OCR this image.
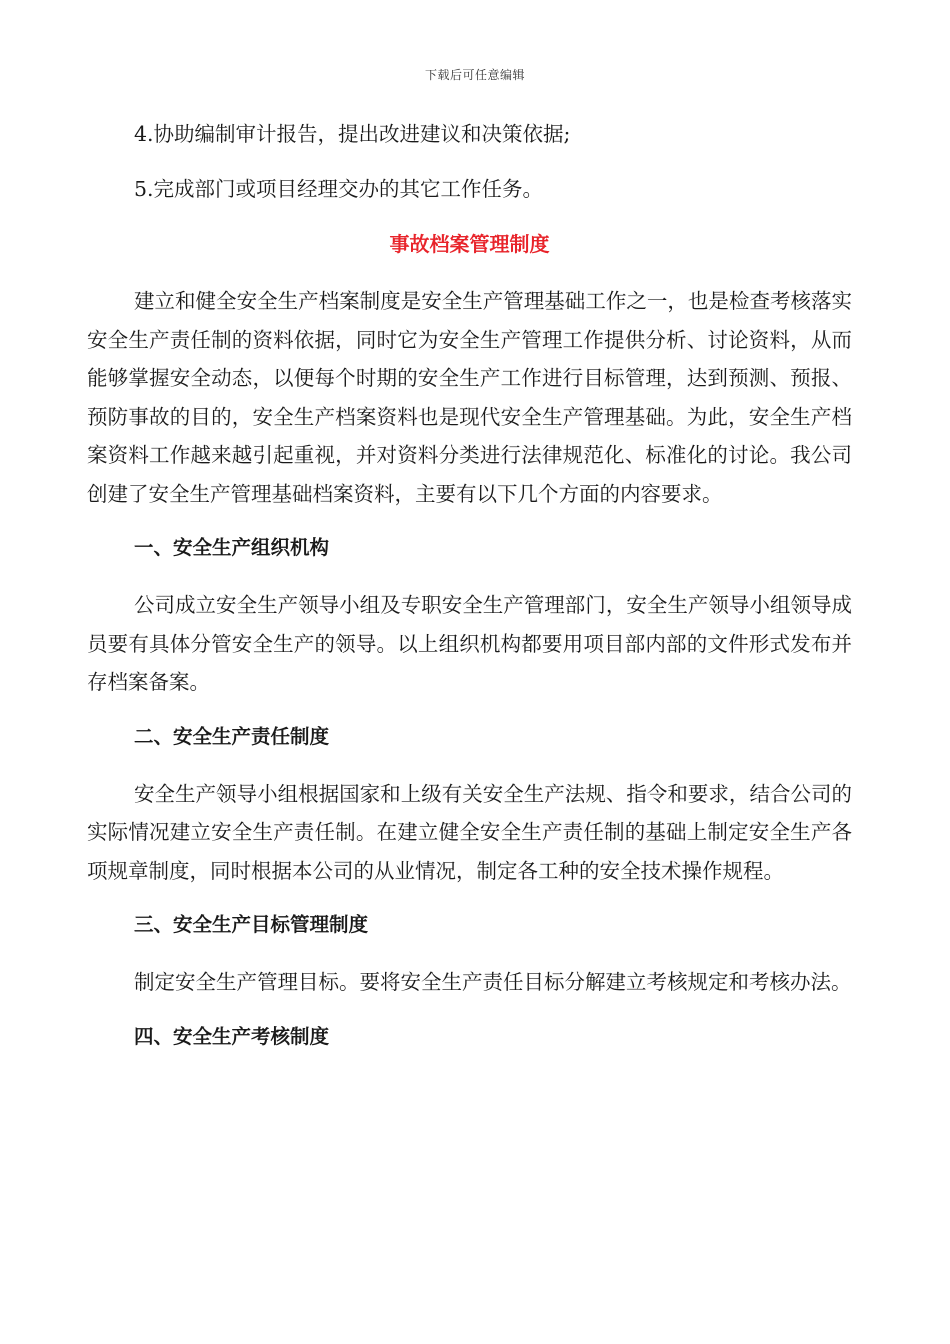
下载后可任意编辑

4.协助编制审计报告，提出改进建议和决策依据;

5.完成部门或项目经理交办的其它工作任务。

事故档案管理制度

建立和健全安全生产档案制度是安全生产管理基础工作之一，也是检查考核落实安全生产责任制的资料依据，同时它为安全生产管理工作提供分析、讨论资料，从而能够掌握安全动态，以便每个时期的安全生产工作进行目标管理，达到预测、预报、预防事故的目的，安全生产档案资料也是现代安全生产管理基础。为此，安全生产档案资料工作越来越引起重视，并对资料分类进行法律规范化、标准化的讨论。我公司创建了安全生产管理基础档案资料，主要有以下几个方面的内容要求。

一、安全生产组织机构

公司成立安全生产领导小组及专职安全生产管理部门，安全生产领导小组领导成员要有具体分管安全生产的领导。以上组织机构都要用项目部内部的文件形式发布并存档案备案。

二、安全生产责任制度

安全生产领导小组根据国家和上级有关安全生产法规、指令和要求，结合公司的实际情况建立安全生产责任制。在建立健全安全生产责任制的基础上制定安全生产各项规章制度，同时根据本公司的从业情况，制定各工种的安全技术操作规程。

三、安全生产目标管理制度

制定安全生产管理目标。要将安全生产责任目标分解建立考核规定和考核办法。

四、安全生产考核制度
